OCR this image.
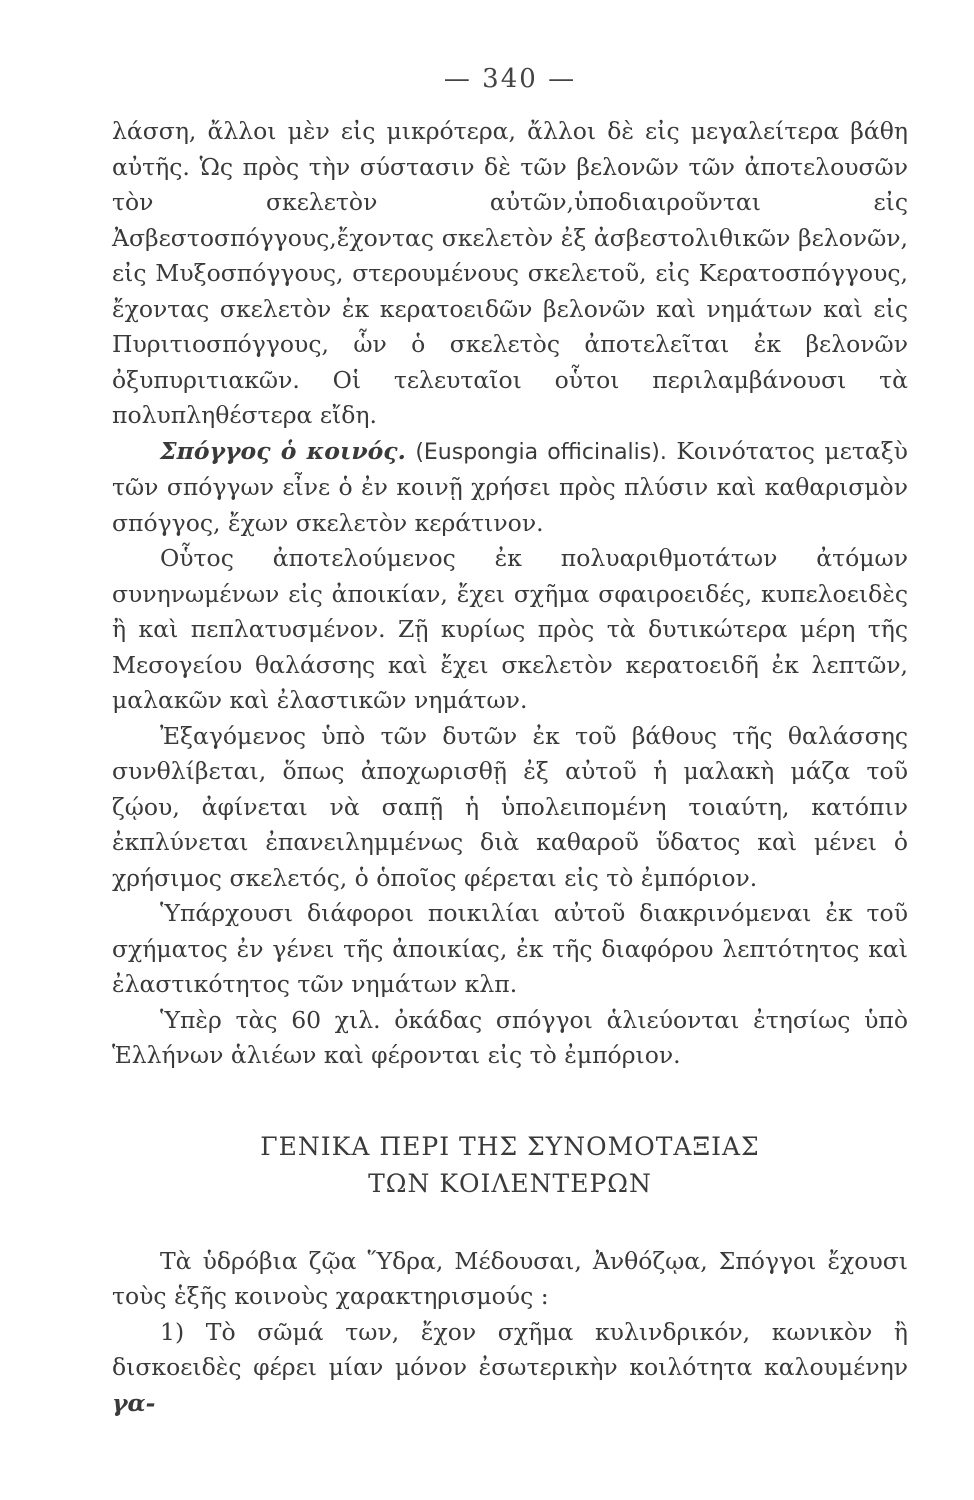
— 340 —

λάσση, ἄλλοι μὲν εἰς μικρότερα, ἄλλοι δὲ εἰς μεγαλείτερα βάθη αὐτῆς. Ὡς πρὸς τὴν σύστασιν δὲ τῶν βελονῶν τῶν ἀποτελουσῶν τὸν σκελετὸν αὐτῶν,ὑποδιαιροῦνται εἰς Ἀσβεστοσπόγγους,ἔχοντας σκελετὸν ἐξ ἀσβεστολιθικῶν βελονῶν, εἰς Μυξοσπόγγους, στερουμένους σκελετοῦ, εἰς Κερατοσπόγγους, ἔχοντας σκελετὸν ἐκ κερατοειδῶν βελονῶν καὶ νημάτων καὶ εἰς Πυριτιοσπόγγους, ὧν ὁ σκελετὸς ἀποτελεῖται ἐκ βελονῶν ὀξυπυριτιακῶν. Οἱ τελευταῖοι οὗτοι περιλαμβάνουσι τὰ πολυπληθέστερα εἴδη.

Σπόγγος ὁ κοινός. (Euspongia officinalis). Κοινότατος μεταξὺ τῶν σπόγγων εἶνε ὁ ἐν κοινῇ χρήσει πρὸς πλύσιν καὶ καθαρισμὸν σπόγγος, ἔχων σκελετὸν κεράτινον.

Οὗτος ἀποτελούμενος ἐκ πολυαριθμοτάτων ἀτόμων συνηνωμένων εἰς ἀποικίαν, ἔχει σχῆμα σφαιροειδές, κυπελοειδὲς ἢ καὶ πεπλατυσμένον. Ζῇ κυρίως πρὸς τὰ δυτικώτερα μέρη τῆς Μεσογείου θαλάσσης καὶ ἔχει σκελετὸν κερατοειδῆ ἐκ λεπτῶν, μαλακῶν καὶ ἐλαστικῶν νημάτων.

Ἐξαγόμενος ὑπὸ τῶν δυτῶν ἐκ τοῦ βάθους τῆς θαλάσσης συνθλίβεται, ὅπως ἀποχωρισθῇ ἐξ αὐτοῦ ἡ μαλακὴ μάζα τοῦ ζῴου, ἀφίνεται νὰ σαπῇ ἡ ὑπολειπομένη τοιαύτη, κατόπιν ἐκπλύνεται ἐπανειλημμένως διὰ καθαροῦ ὕδατος καὶ μένει ὁ χρήσιμος σκελετός, ὁ ὁποῖος φέρεται εἰς τὸ ἐμπόριον.

Ὑπάρχουσι διάφοροι ποικιλίαι αὐτοῦ διακρινόμεναι ἐκ τοῦ σχήματος ἐν γένει τῆς ἀποικίας, ἐκ τῆς διαφόρου λεπτότητος καὶ ἐλαστικότητος τῶν νημάτων κλπ.

Ὑπὲρ τὰς 60 χιλ. ὀκάδας σπόγγοι ἁλιεύονται ἐτησίως ὑπὸ Ἑλλήνων ἁλιέων καὶ φέρονται εἰς τὸ ἐμπόριον.

ΓΕΝΙΚΑ ΠΕΡΙ ΤΗΣ ΣΥΝΟΜΟΤΑΞΙΑΣ
ΤΩΝ ΚΟΙΛΕΝΤΕΡΩΝ

Τὰ ὑδρόβια ζῷα Ὕδρα, Μέδουσαι, Ἀνθόζῳα, Σπόγγοι ἔχουσι τοὺς ἑξῆς κοινοὺς χαρακτηρισμούς :

1) Τὸ σῶμά των, ἔχον σχῆμα κυλινδρικόν, κωνικὸν ἢ δισκοειδὲς φέρει μίαν μόνον ἐσωτερικὴν κοιλότητα καλουμένην γα-
